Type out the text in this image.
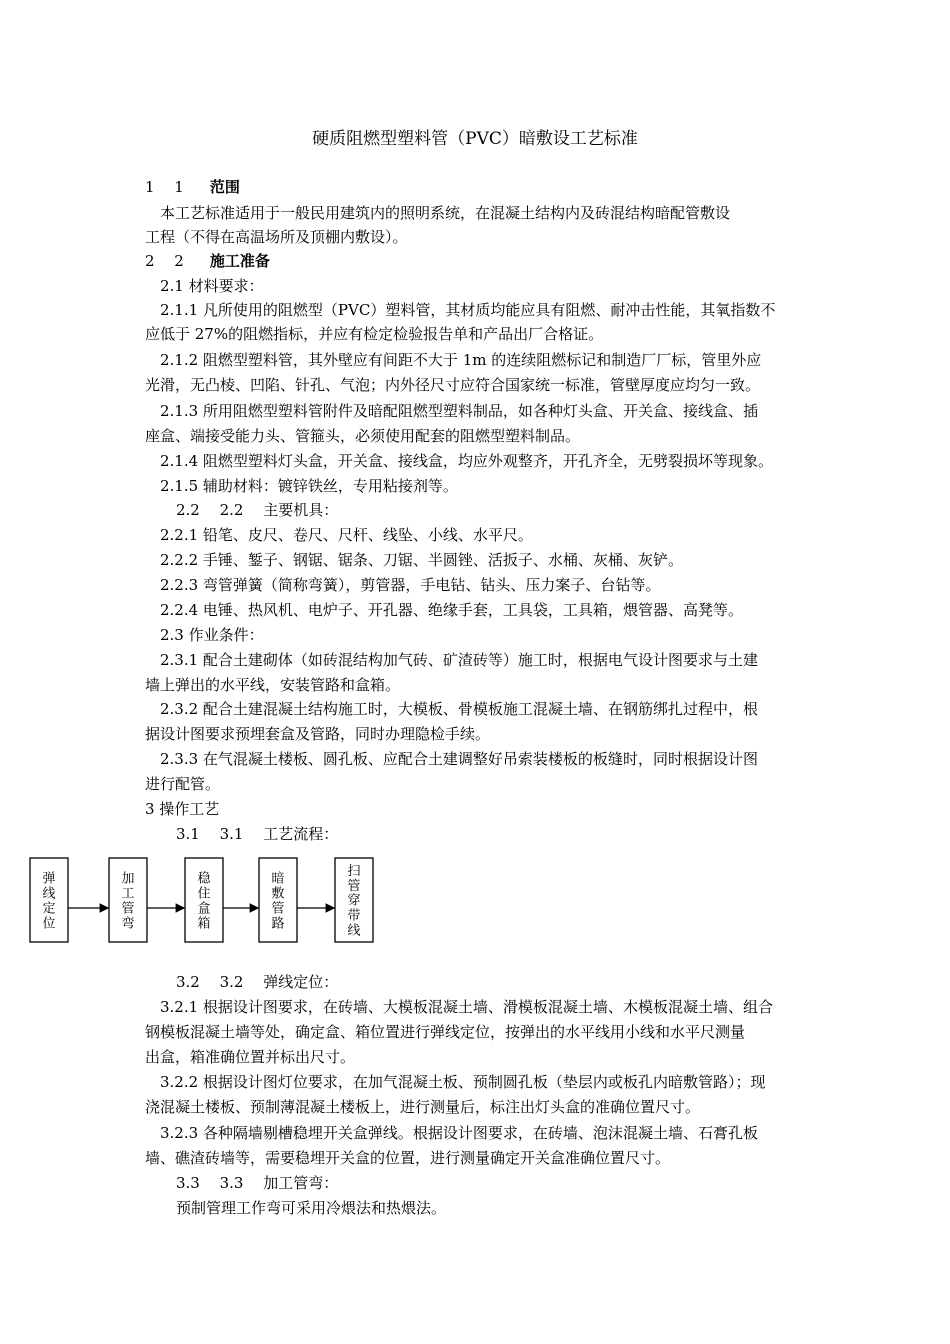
硬质阻燃型塑料管（PVC）暗敷设工艺标准
1　 1 范围
本工艺标准适用于一般民用建筑内的照明系统，在混凝土结构内及砖混结构暗配管敷设
工程（不得在高温场所及顶棚内敷设）。
2　 2 施工准备
2.1 材料要求：
2.1.1 凡所使用的阻燃型（PVC）塑料管，其材质均能应具有阻燃、耐冲击性能，其氧指数不
应低于 27%的阻燃指标，并应有检定检验报告单和产品出厂合格证。
2.1.2 阻燃型塑料管，其外壁应有间距不大于 1m 的连续阻燃标记和制造厂厂标，管里外应
光滑，无凸棱、凹陷、针孔、气泡；内外径尺寸应符合国家统一标准，管壁厚度应均匀一致。
2.1.3 所用阻燃型塑料管附件及暗配阻燃型塑料制品，如各种灯头盒、开关盒、接线盒、插
座盒、端接受能力头、管箍头，必须使用配套的阻燃型塑料制品。
2.1.4 阻燃型塑料灯头盒，开关盒、接线盒，均应外观整齐，开孔齐全，无劈裂损坏等现象。
2.1.5 辅助材料：镀锌铁丝，专用粘接剂等。
2.2　 2.2　 主要机具：
2.2.1 铅笔、皮尺、卷尺、尺杆、线坠、小线、水平尺。
2.2.2 手锤、錾子、钢锯、锯条、刀锯、半圆锉、活扳子、水桶、灰桶、灰铲。
2.2.3 弯管弹簧（简称弯簧），剪管器，手电钻、钻头、压力案子、台钻等。
2.2.4 电锤、热风机、电炉子、开孔器、绝缘手套，工具袋，工具箱，煨管器、高凳等。
2.3 作业条件：
2.3.1 配合土建砌体（如砖混结构加气砖、矿渣砖等）施工时，根据电气设计图要求与土建
墙上弹出的水平线，安装管路和盒箱。
2.3.2 配合土建混凝土结构施工时，大模板、骨模板施工混凝土墙、在钢筋绑扎过程中，根
据设计图要求预埋套盒及管路，同时办理隐检手续。
2.3.3 在气混凝土楼板、圆孔板、应配合土建调整好吊索装楼板的板缝时，同时根据设计图
进行配管。
3 操作工艺
3.1　 3.1　 工艺流程：
弹线定位
加工管弯
稳住盒箱
暗敷管路
扫管穿带线
3.2　 3.2　 弹线定位：
3.2.1 根据设计图要求，在砖墙、大模板混凝土墙、滑模板混凝土墙、木模板混凝土墙、组合
钢模板混凝土墙等处，确定盒、箱位置进行弹线定位，按弹出的水平线用小线和水平尺测量
出盒，箱准确位置并标出尺寸。
3.2.2 根据设计图灯位要求，在加气混凝土板、预制圆孔板（垫层内或板孔内暗敷管路）；现
浇混凝土楼板、预制薄混凝土楼板上，进行测量后，标注出灯头盒的准确位置尺寸。
3.2.3 各种隔墙剔槽稳埋开关盒弹线。根据设计图要求，在砖墙、泡沫混凝土墙、石膏孔板
墙、礁渣砖墙等，需要稳埋开关盒的位置，进行测量确定开关盒准确位置尺寸。
3.3　 3.3　 加工管弯：
预制管理工作弯可采用冷煨法和热煨法。
